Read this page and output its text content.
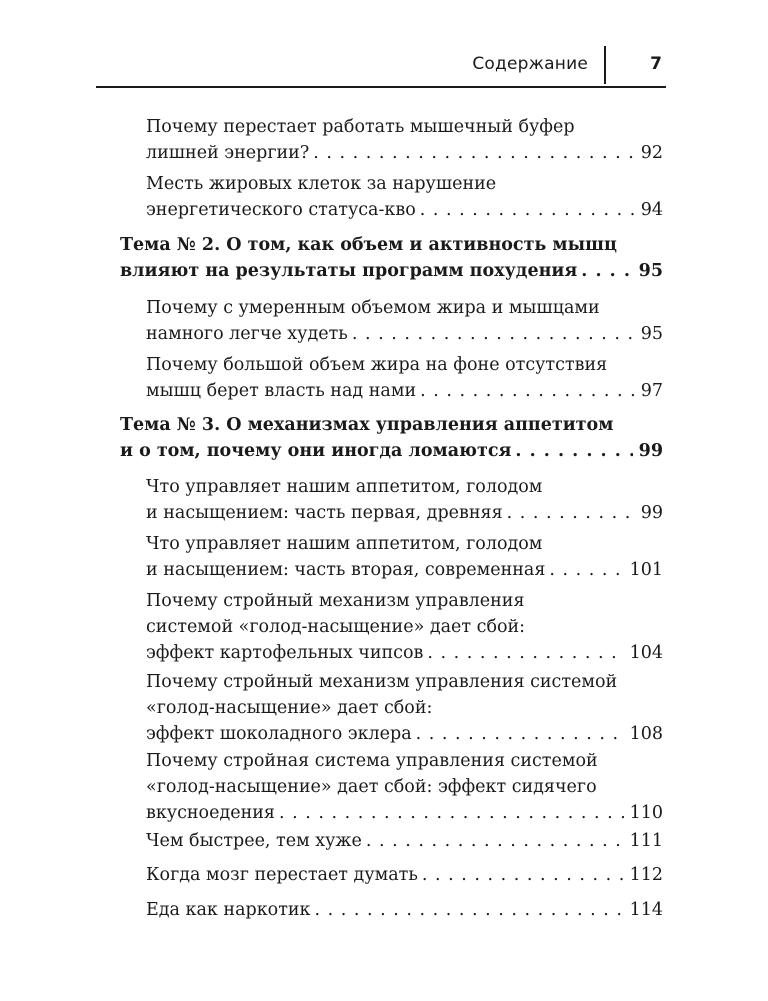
Содержание	7
Почему перестает работать мышечный буфер
лишней энергии? . . .	92
Месть жировых клеток за нарушение
энергетического статуса-кво . . .	94
Тема № 2. О том, как объем и активность мышц
влияют на результаты программ похудения . . .	95
Почему с умеренным объемом жира и мышцами
намного легче худеть . . .	95
Почему большой объем жира на фоне отсутствия
мышц берет власть над нами . . .	97
Тема № 3. О механизмах управления аппетитом
и о том, почему они иногда ломаются . . .	99
Что управляет нашим аппетитом, голодом
и насыщением: часть первая, древняя . . .	99
Что управляет нашим аппетитом, голодом
и насыщением: часть вторая, современная . . .	101
Почему стройный механизм управления
системой «голод-насыщение» дает сбой:
эффект картофельных чипсов . . .	104
Почему стройный механизм управления системой
«голод-насыщение» дает сбой:
эффект шоколадного эклера . . .	108
Почему стройная система управления системой
«голод-насыщение» дает сбой: эффект сидячего
вкусноедения . . .	110
Чем быстрее, тем хуже . . .	111
Когда мозг перестает думать . . .	112
Еда как наркотик . . .	114
